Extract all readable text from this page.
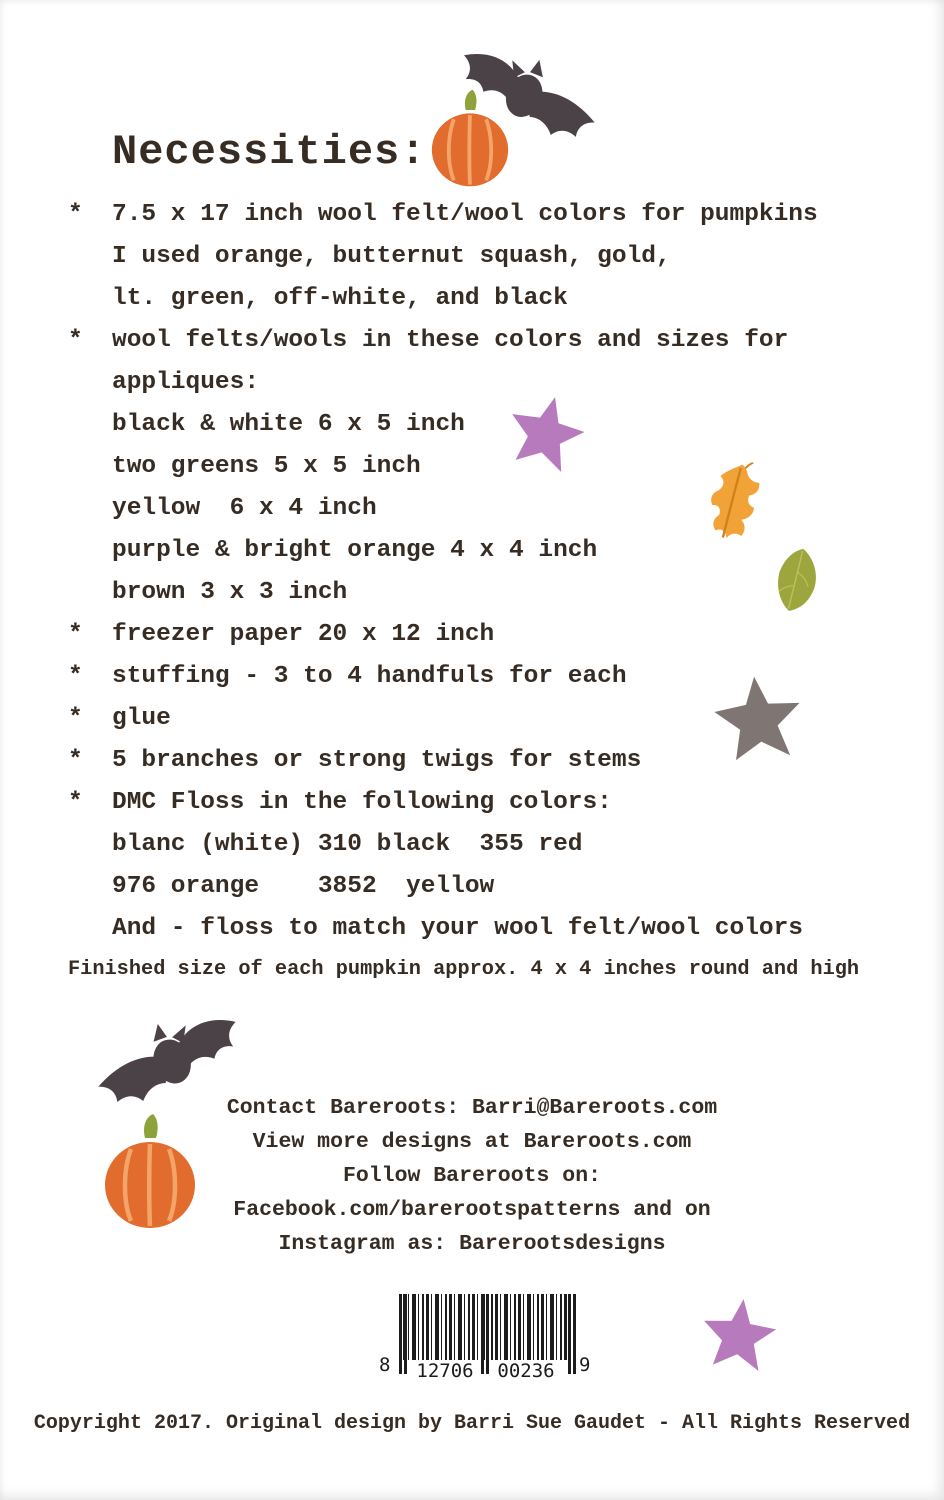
Necessities:
*	7.5 x 17 inch wool felt/wool colors for pumpkins
I used orange, butternut squash, gold,
lt. green, off-white, and black
*	wool felts/wools in these colors and sizes for
appliques:
black & white 6 x 5 inch
two greens 5 x 5 inch
yellow  6 x 4 inch
purple & bright orange 4 x 4 inch
brown 3 x 3 inch
*	freezer paper 20 x 12 inch
*	stuffing - 3 to 4 handfuls for each
*	glue
*	5 branches or strong twigs for stems
*	DMC Floss in the following colors:
blanc (white) 310 black  355 red
976 orange    3852  yellow
And - floss to match your wool felt/wool colors
Finished size of each pumpkin approx. 4 x 4 inches round and high
Contact Bareroots: Barri@Bareroots.com
View more designs at Bareroots.com
Follow Bareroots on:
Facebook.com/barerootspatterns and on
Instagram as: Barerootsdesigns
8 12706	00236	9
Copyright 2017. Original design by Barri Sue Gaudet - All Rights Reserved
